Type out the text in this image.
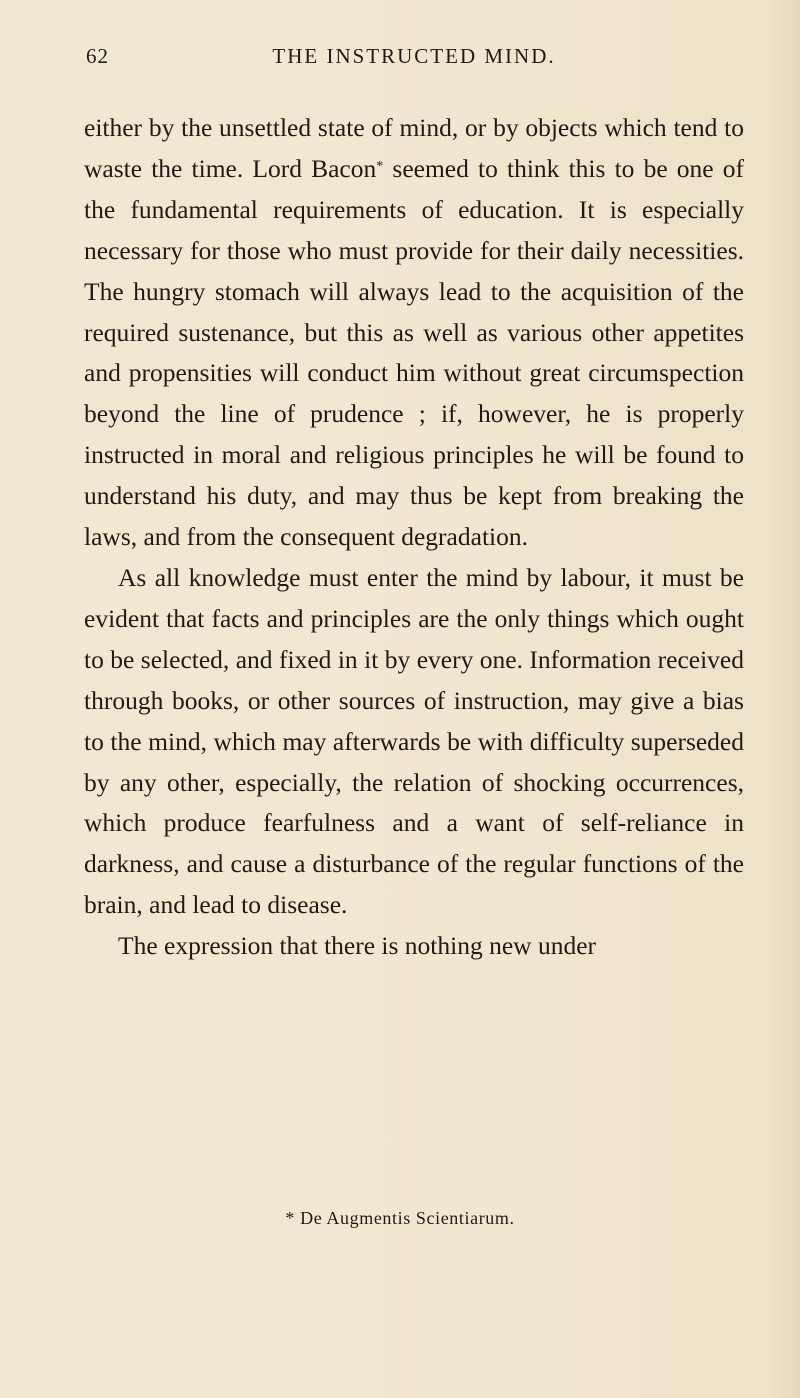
62	THE INSTRUCTED MIND.

either by the unsettled state of mind, or by objects which tend to waste the time. Lord Bacon* seemed to think this to be one of the fundamental requirements of education. It is especially necessary for those who must provide for their daily necessities. The hungry stomach will always lead to the acquisition of the required sustenance, but this as well as various other appetites and propensities will conduct him without great circumspection beyond the line of prudence ; if, however, he is properly instructed in moral and religious principles he will be found to understand his duty, and may thus be kept from breaking the laws, and from the consequent degradation.

As all knowledge must enter the mind by labour, it must be evident that facts and principles are the only things which ought to be selected, and fixed in it by every one. Information received through books, or other sources of instruction, may give a bias to the mind, which may afterwards be with difficulty superseded by any other, especially, the relation of shocking occurrences, which produce fearfulness and a want of self-reliance in darkness, and cause a disturbance of the regular functions of the brain, and lead to disease.

The expression that there is nothing new under

* De Augmentis Scientiarum.
